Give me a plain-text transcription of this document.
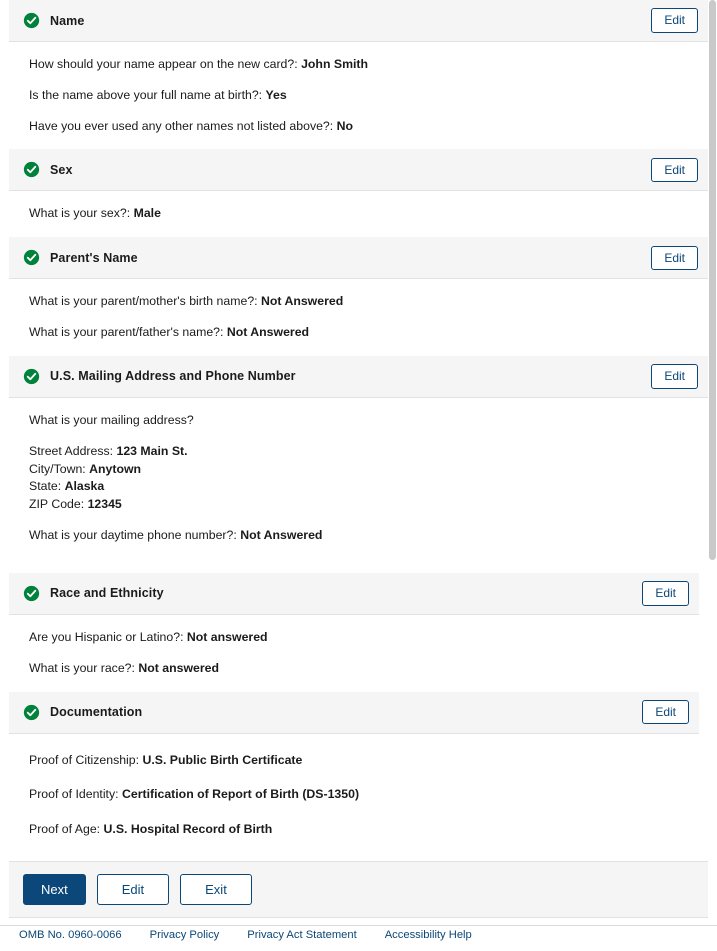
Name	Edit

How should your name appear on the new card?: John Smith

Is the name above your full name at birth?: Yes

Have you ever used any other names not listed above?: No

Sex	Edit

What is your sex?: Male

Parent's Name	Edit

What is your parent/mother's birth name?: Not Answered

What is your parent/father's name?: Not Answered

U.S. Mailing Address and Phone Number	Edit

What is your mailing address?

Street Address: 123 Main St.
City/Town: Anytown
State: Alaska
ZIP Code: 12345

What is your daytime phone number?: Not Answered

Race and Ethnicity	Edit

Are you Hispanic or Latino?: Not answered

What is your race?: Not answered

Documentation	Edit

Proof of Citizenship: U.S. Public Birth Certificate

Proof of Identity: Certification of Report of Birth (DS-1350)

Proof of Age: U.S. Hospital Record of Birth

Next	Edit	Exit
OMB No. 0960-0066	Privacy Policy	Privacy Act Statement	Accessibility Help
